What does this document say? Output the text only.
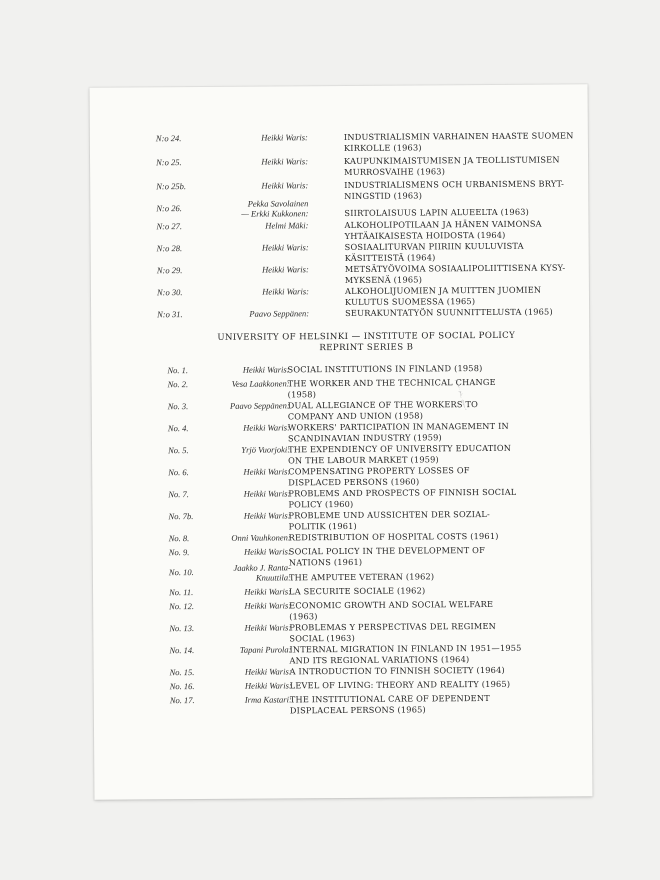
N:o 24.	Heikki Waris:	INDUSTRIALISMIN VARHAINEN HAASTE SUOMEN
KIRKOLLE (1963)
N:o 25.	Heikki Waris:	KAUPUNKIMAISTUMISEN JA TEOLLISTUMISEN
MURROSVAIHE (1963)
N:o 25b.	Heikki Waris:	INDUSTRIALISMENS OCH URBANISMENS BRYT-
NINGSTID (1963)
N:o 26.	Pekka Savolainen
— Erkki Kukkonen:	SIIRTOLAISUUS LAPIN ALUEELTA (1963)
N:o 27.	Helmi Mäki:	ALKOHOLIPOTILAAN JA HÄNEN VAIMONSA
YHTÄAIKAISESTA HOIDOSTA (1964)
N:o 28.	Heikki Waris:	SOSIAALITURVAN PIIRIIN KUULUVISTA
KÄSITTEISTÄ (1964)
N:o 29.	Heikki Waris:	METSÄTYÖVOIMA SOSIAALIPOLIITTISENA KYSY-
MYKSENÄ (1965)
N:o 30.	Heikki Waris:	ALKOHOLIJUOMIEN JA MUITTEN JUOMIEN
KULUTUS SUOMESSA (1965)
N:o 31.	Paavo Seppänen:	SEURAKUNTATYÖN SUUNNITTELUSTA (1965)
UNIVERSITY OF HELSINKI — INSTITUTE OF SOCIAL POLICY
REPRINT SERIES B
No. 1.	Heikki Waris:
SOCIAL INSTITUTIONS IN FINLAND (1958)
No. 2.	Vesa Laakkonen:
THE WORKER AND THE TECHNICAL CHANGE
(1958)
No. 3.	Paavo Seppänen:
DUAL ALLEGIANCE OF THE WORKERS TO
COMPANY AND UNION (1958)
No. 4.	Heikki Waris:
WORKERS' PARTICIPATION IN MANAGEMENT IN
SCANDINAVIAN INDUSTRY (1959)
No. 5.	Yrjö Vuorjoki:
THE EXPENDIENCY OF UNIVERSITY EDUCATION
ON THE LABOUR MARKET (1959)
No. 6.	Heikki Waris:
COMPENSATING PROPERTY LOSSES OF
DISPLACED PERSONS (1960)
No. 7.	Heikki Waris:
PROBLEMS AND PROSPECTS OF FINNISH SOCIAL
POLICY (1960)
No. 7b.	Heikki Waris:
PROBLEME UND AUSSICHTEN DER SOZIAL-
POLITIK (1961)
No. 8.	Onni Vauhkonen:
REDISTRIBUTION OF HOSPITAL COSTS (1961)
No. 9.	Heikki Waris:
SOCIAL POLICY IN THE DEVELOPMENT OF
NATIONS (1961)
No. 10.	Jaakko J. Ranta-
Knuuttila:
THE AMPUTEE VETERAN (1962)
No. 11.	Heikki Waris:
LA SECURITE SOCIALE (1962)
No. 12.	Heikki Waris:
ECONOMIC GROWTH AND SOCIAL WELFARE
(1963)
No. 13.	Heikki Waris:
PROBLEMAS Y PERSPECTIVAS DEL REGIMEN
SOCIAL (1963)
No. 14.	Tapani Purola:
INTERNAL MIGRATION IN FINLAND IN 1951—1955
AND ITS REGIONAL VARIATIONS (1964)
No. 15.	Heikki Waris:
A INTRODUCTION TO FINNISH SOCIETY (1964)
No. 16.	Heikki Waris:
LEVEL OF LIVING: THEORY AND REALITY (1965)
No. 17.	Irma Kastari:
THE INSTITUTIONAL CARE OF DEPENDENT
DISPLACEAL PERSONS (1965)
